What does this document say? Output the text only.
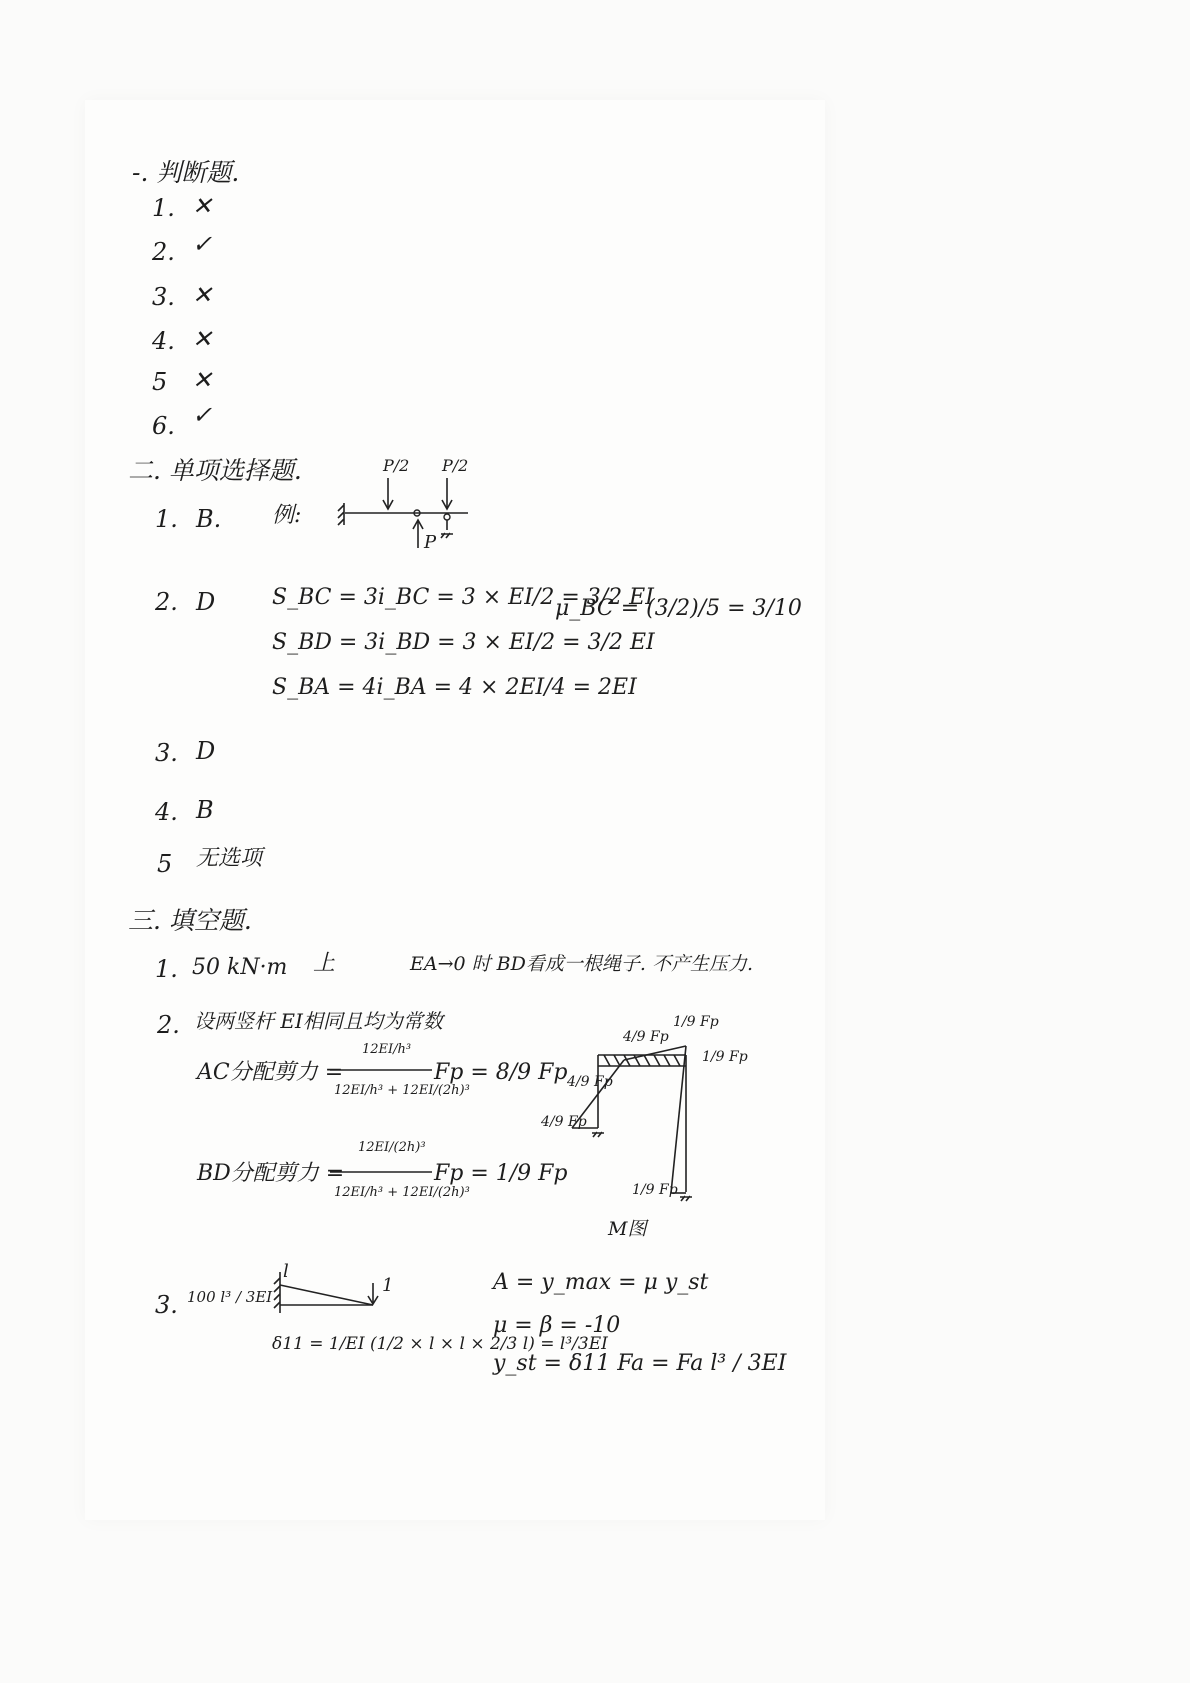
-. 判断题.
1. ✕
2. ✓
3. ✕
4. ✕
5 ✕
6. ✓
二. 单项选择题.
1. B. 例:
P/2 P/2
P
2. D	S_BC = 3i_BC = 3 × EI/2 = 3/2 EI
S_BD = 3i_BD = 3 × EI/2 = 3/2 EI
S_BA = 4i_BA = 4 × 2EI/4 = 2EI
μ_BC = (3/2)/5 = 3/10
3. D
4. B
5 无选项
三. 填空题.
1. 50 kN·m 上	EA→0 时 BD看成一根绳子. 不产生压力.
2. 设两竖杆 EI相同且均为常数
AC分配剪力 =
12EI/h³
12EI/h³ + 12EI/(2h)³
Fp = 8/9 Fp
BD分配剪力 =
12EI/(2h)³
12EI/h³ + 12EI/(2h)³
Fp = 1/9 Fp
4/9 Fp
1/9 Fp
1/9 Fp
4/9 Fp
4/9 Fp
1/9 Fp
M图
3. 100 l³ / 3EI
l
1
δ11 = 1/EI (1/2 × l × l × 2/3 l) = l³/3EI
A = y_max = μ y_st
μ = β = -10
y_st = δ11 Fa = Fa l³ / 3EI
